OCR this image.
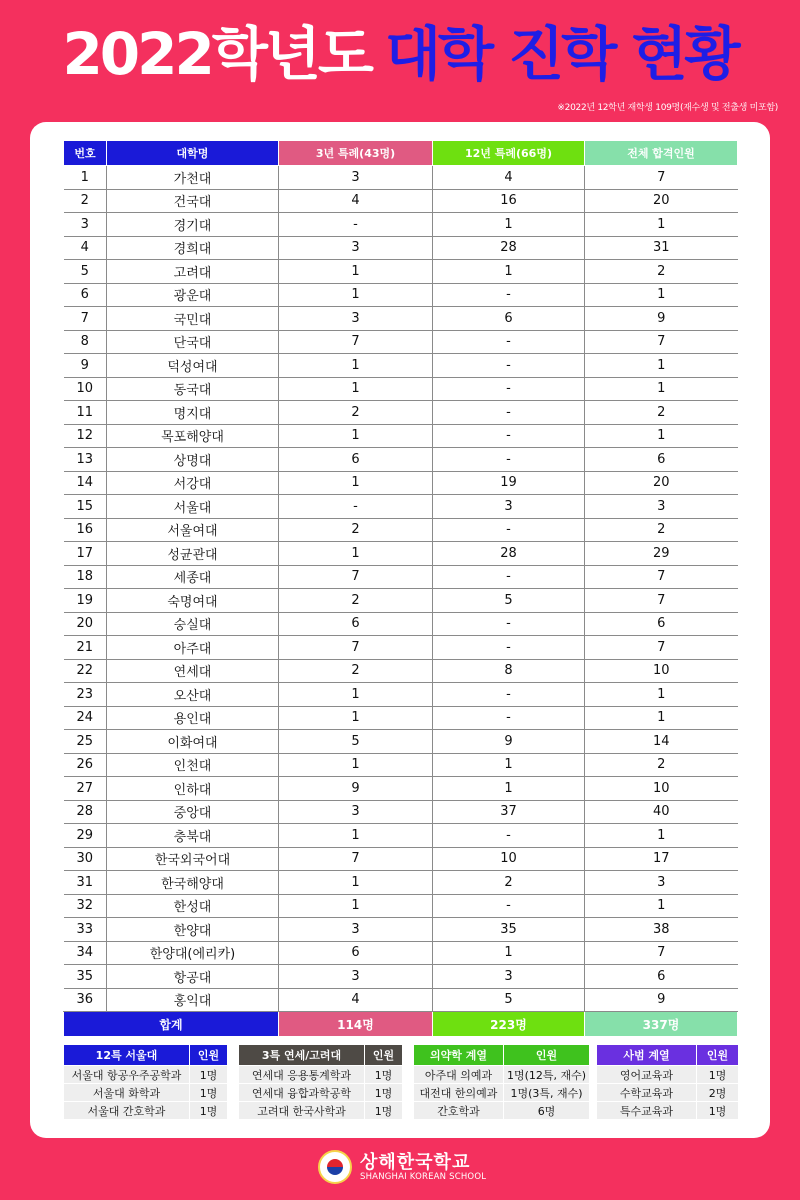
2022학년도 대학 진학 현황
※2022년 12학년 재학생 109명(재수생 및 전출생 미포함)
번호	대학명	3년 특례(43명)	12년 특례(66명)	전체 합격인원
1	가천대	3	4	7
2	건국대	4	16	20
3	경기대	-	1	1
4	경희대	3	28	31
5	고려대	1	1	2
6	광운대	1	-	1
7	국민대	3	6	9
8	단국대	7	-	7
9	덕성여대	1	-	1
10	동국대	1	-	1
11	명지대	2	-	2
12	목포해양대	1	-	1
13	상명대	6	-	6
14	서강대	1	19	20
15	서울대	-	3	3
16	서울여대	2	-	2
17	성균관대	1	28	29
18	세종대	7	-	7
19	숙명여대	2	5	7
20	숭실대	6	-	6
21	아주대	7	-	7
22	연세대	2	8	10
23	오산대	1	-	1
24	용인대	1	-	1
25	이화여대	5	9	14
26	인천대	1	1	2
27	인하대	9	1	10
28	중앙대	3	37	40
29	충북대	1	-	1
30	한국외국어대	7	10	17
31	한국해양대	1	2	3
32	한성대	1	-	1
33	한양대	3	35	38
34	한양대(에리카)	6	1	7
35	항공대	3	3	6
36	홍익대	4	5	9
합계		114명	223명	337명
12특 서울대	인원
서울대 항공우주공학과	1명
서울대 화학과	1명
서울대 간호학과	1명
3특 연세/고려대	인원
연세대 응용통계학과	1명
연세대 융합과학공학	1명
고려대 한국사학과	1명
의약학 계열	인원
아주대 의예과	1명(12특, 재수)
대전대 한의예과	1명(3특, 재수)
간호학과	6명
사범 계열	인원
영어교육과	1명
수학교육과	2명
특수교육과	1명
상해한국학교
SHANGHAI KOREAN SCHOOL
